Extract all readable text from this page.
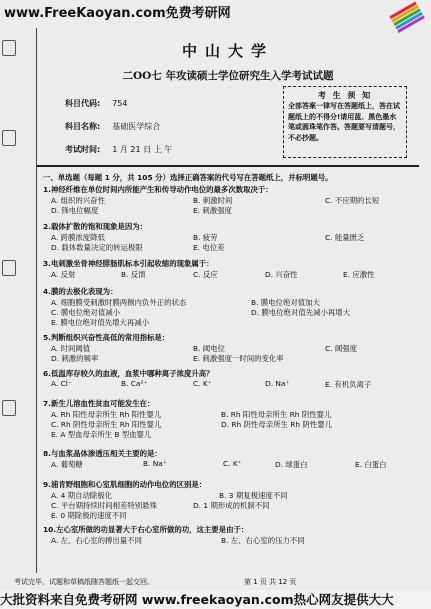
www.FreeKaoyan.com免费考研网
中山大学
二OO七 年攻读硕士学位研究生入学考试试题
科目代码: 754
科目名称: 基础医学综合
考试时间: 1 月 21 日 上 午
考 生 须 知
全部答案一律写在答题纸上，答在试题纸上的不得分!请用蓝、黑色墨水笔或圆珠笔作答。答题要写清题号，不必抄题。
一、单选题（每题 1 分，共 105 分）选择正确答案的代号写在答题纸上，并标明题号。
1.神经纤维在单位时间内所能产生和传导动作电位的最多次数取决于：
A. 组织的兴奋性	B. 刺激时间	C. 不应期的长短
D. 锋电位幅度	E. 刺激强度
2.载体扩散的饱和现象是因为：
A. 跨膜浓度降低	B. 疲劳	C. 能量匮乏
D. 载体数量决定的转运极限	E. 电位差
3.电刺激坐骨神经腓肠肌标本引起收缩的现象属于：
A. 反射	B. 反馈	C. 反应	D. 兴奋性	E. 应激性
4.膜的去极化表现为：
A. 细胞膜受刺激时膜两侧内负外正的状态	B. 膜电位绝对值加大
C. 膜电位绝对值减小	D. 膜电位绝对值先减小再增大
E. 膜电位绝对值先增大再减小
5.判断组织兴奋性高低的常用指标是：
A. 时间阈值	B. 阈电位	C. 阈强度
D. 刺激的频率	E. 刺激强度一时间的变化率
6.低温库存较久的血液，血浆中哪种离子浓度升高？
A. Cl⁻	B. Ca²⁺	C. K⁺	D. Na⁺	E. 有机负离子
7.新生儿溶血性贫血可能发生在：
A. Rh 阳性母亲所生 Rh 阳性婴儿	B. Rh 阳性母亲所生 Rh 阴性婴儿
C. Rh 阴性母亲所生 Rh 阳性婴儿	D. Rh 阴性母亲所生 Rh 阴性婴儿
E. A 型血母亲所生 B 型血婴儿
8.与血浆晶体渗透压相关主要的是：
A. 葡萄糖	B. Na⁺	C. K⁺	D. 球蛋白	E. 白蛋白
9.浦肯野细胞和心室肌细胞的动作电位的区别是：
A. 4 期自动除极化	B. 3 期复极速度不同
C. 平台期持续时间相差特别悬殊	D. 1 期形成的机制不同
E. 0 期除极的速度不同
10.左心室所做的功显著大于右心室所做的功，这主要是由于：
A. 左、右心室的搏出量不同	B. 左、右心室的压力不同
考试完毕，试题和草稿纸随答题纸一起交回。	第 1 页 共 12 页
大批资料来自免费考研网 www.freekaoyan.com热心网友提供大大
